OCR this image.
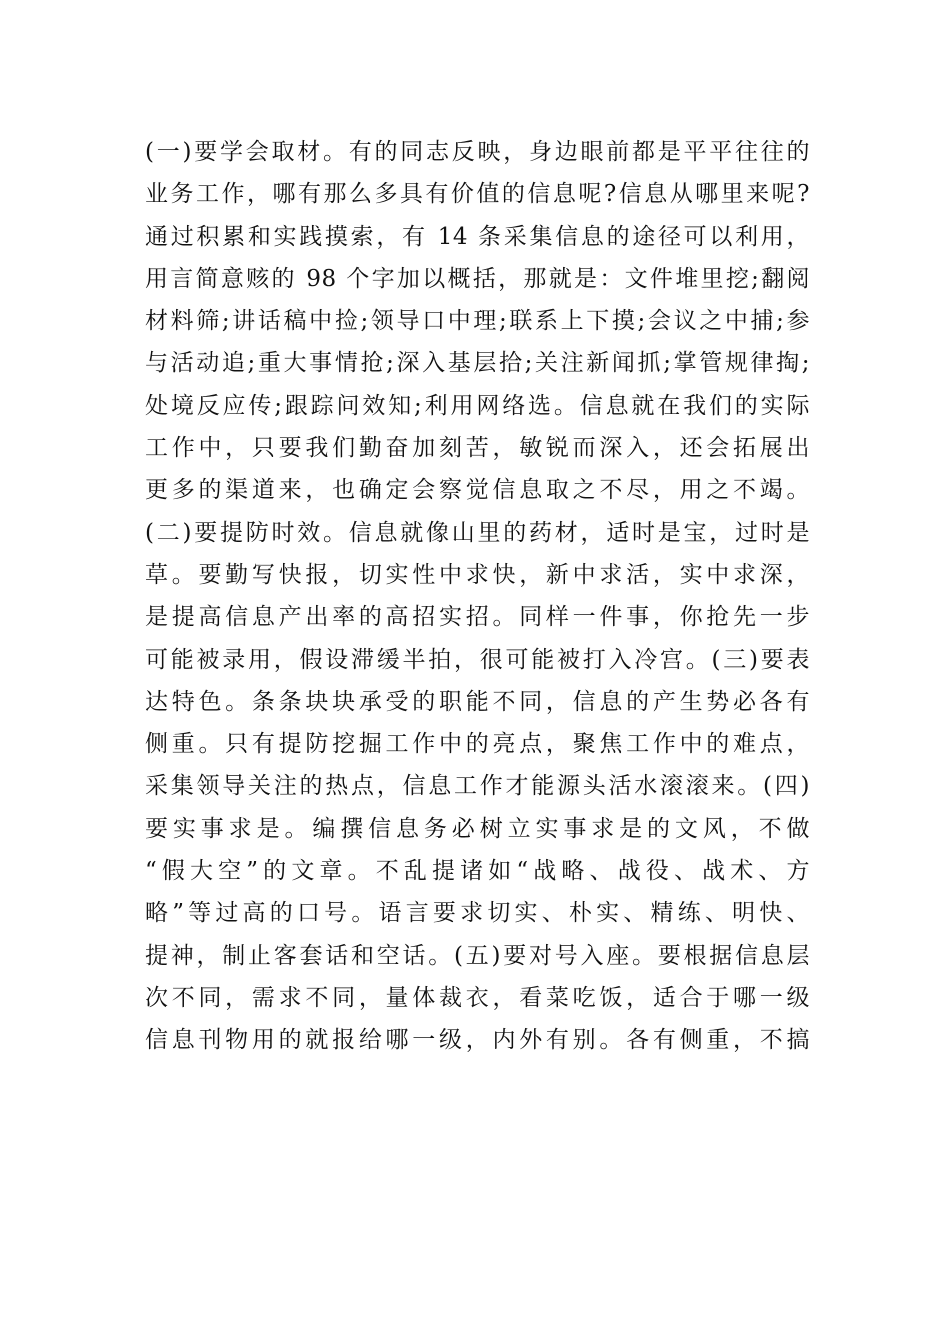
(一)要学会取材。有的同志反映，身边眼前都是平平往往的
业务工作，哪有那么多具有价值的信息呢?信息从哪里来呢?
通过积累和实践摸索，有 14 条采集信息的途径可以利用，
用言简意赅的 98 个字加以概括，那就是：文件堆里挖;翻阅
材料筛;讲话稿中捡;领导口中理;联系上下摸;会议之中捕;参
与活动追;重大事情抢;深入基层拾;关注新闻抓;掌管规律掏;
处境反应传;跟踪问效知;利用网络选。信息就在我们的实际
工作中，只要我们勤奋加刻苦，敏锐而深入，还会拓展出
更多的渠道来，也确定会察觉信息取之不尽，用之不竭。
(二)要提防时效。信息就像山里的药材，适时是宝，过时是
草。要勤写快报，切实性中求快，新中求活，实中求深，
是提高信息产出率的高招实招。同样一件事，你抢先一步
可能被录用，假设滞缓半拍，很可能被打入冷宫。(三)要表
达特色。条条块块承受的职能不同，信息的产生势必各有
侧重。只有提防挖掘工作中的亮点，聚焦工作中的难点，
采集领导关注的热点，信息工作才能源头活水滚滚来。(四)
要实事求是。编撰信息务必树立实事求是的文风，不做
“假大空”的文章。不乱提诸如“战略、战役、战术、方
略”等过高的口号。语言要求切实、朴实、精练、明快、
提神，制止客套话和空话。(五)要对号入座。要根据信息层
次不同，需求不同，量体裁衣，看菜吃饭，适合于哪一级
信息刊物用的就报给哪一级，内外有别。各有侧重，不搞
